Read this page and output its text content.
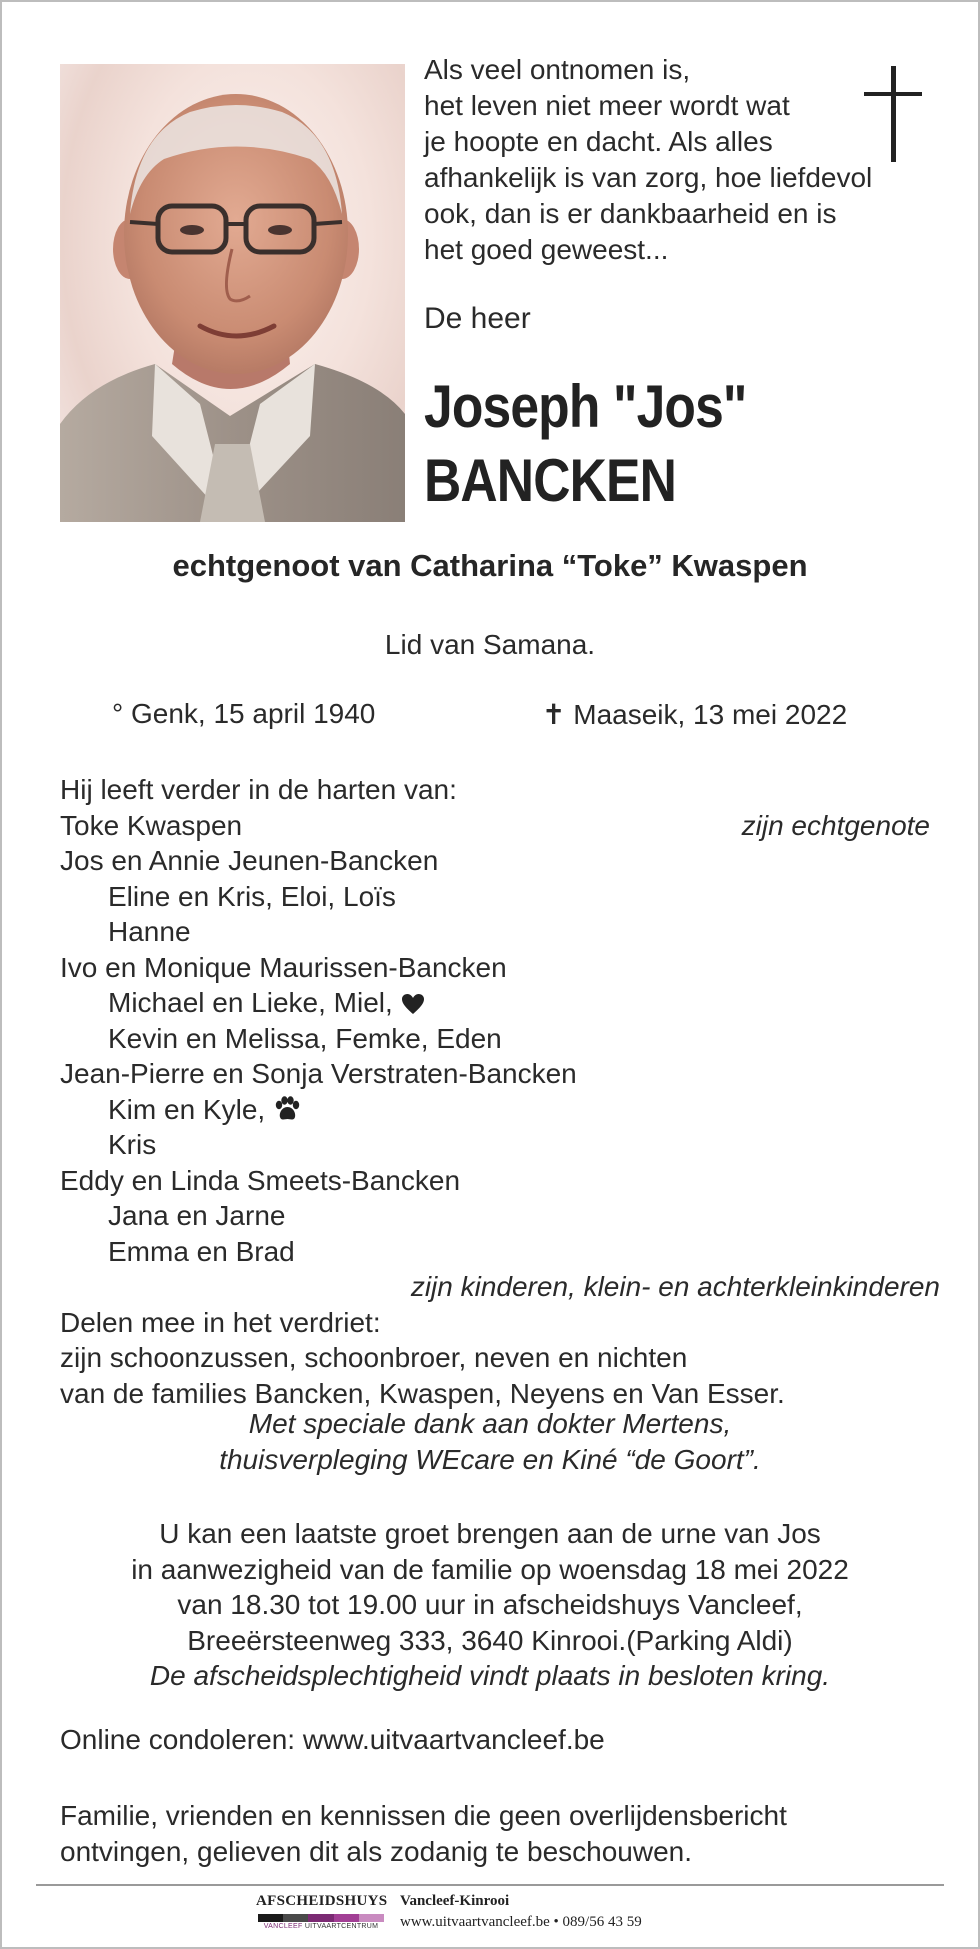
Als veel ontnomen is,
het leven niet meer wordt wat
je hoopte en dacht. Als alles
afhankelijk is van zorg, hoe liefdevol
ook, dan is er dankbaarheid en is
het goed geweest...
De heer
Joseph "Jos"
BANCKEN
echtgenoot van Catharina “Toke” Kwaspen
Lid van Samana.
° Genk, 15 april 1940	✝ Maaseik, 13 mei 2022
Hij leeft verder in de harten van:
Toke Kwaspen	zijn echtgenote
Jos en Annie Jeunen-Bancken
Eline en Kris, Eloi, Loïs
Hanne
Ivo en Monique Maurissen-Bancken
Michael en Lieke, Miel,
Kevin en Melissa, Femke, Eden
Jean-Pierre en Sonja Verstraten-Bancken
Kim en Kyle,
Kris
Eddy en Linda Smeets-Bancken
Jana en Jarne
Emma en Brad
zijn kinderen, klein- en achterkleinkinderen
Delen mee in het verdriet:
zijn schoonzussen, schoonbroer, neven en nichten
van de families Bancken, Kwaspen, Neyens en Van Esser.
Met speciale dank aan dokter Mertens,
thuisverpleging WEcare en Kiné “de Goort”.
U kan een laatste groet brengen aan de urne van Jos
in aanwezigheid van de familie op woensdag 18 mei 2022
van 18.30 tot 19.00 uur in afscheidshuys Vancleef,
Breeërsteenweg 333, 3640 Kinrooi.(Parking Aldi)
De afscheidsplechtigheid vindt plaats in besloten kring.
Online condoleren: www.uitvaartvancleef.be
Familie, vrienden en kennissen die geen overlijdensbericht
ontvingen, gelieven dit als zodanig te beschouwen.
AFSCHEIDSHUYS
VANCLEEF UITVAARTCENTRUM
Vancleef-Kinrooi
www.uitvaartvancleef.be • 089/56 43 59
